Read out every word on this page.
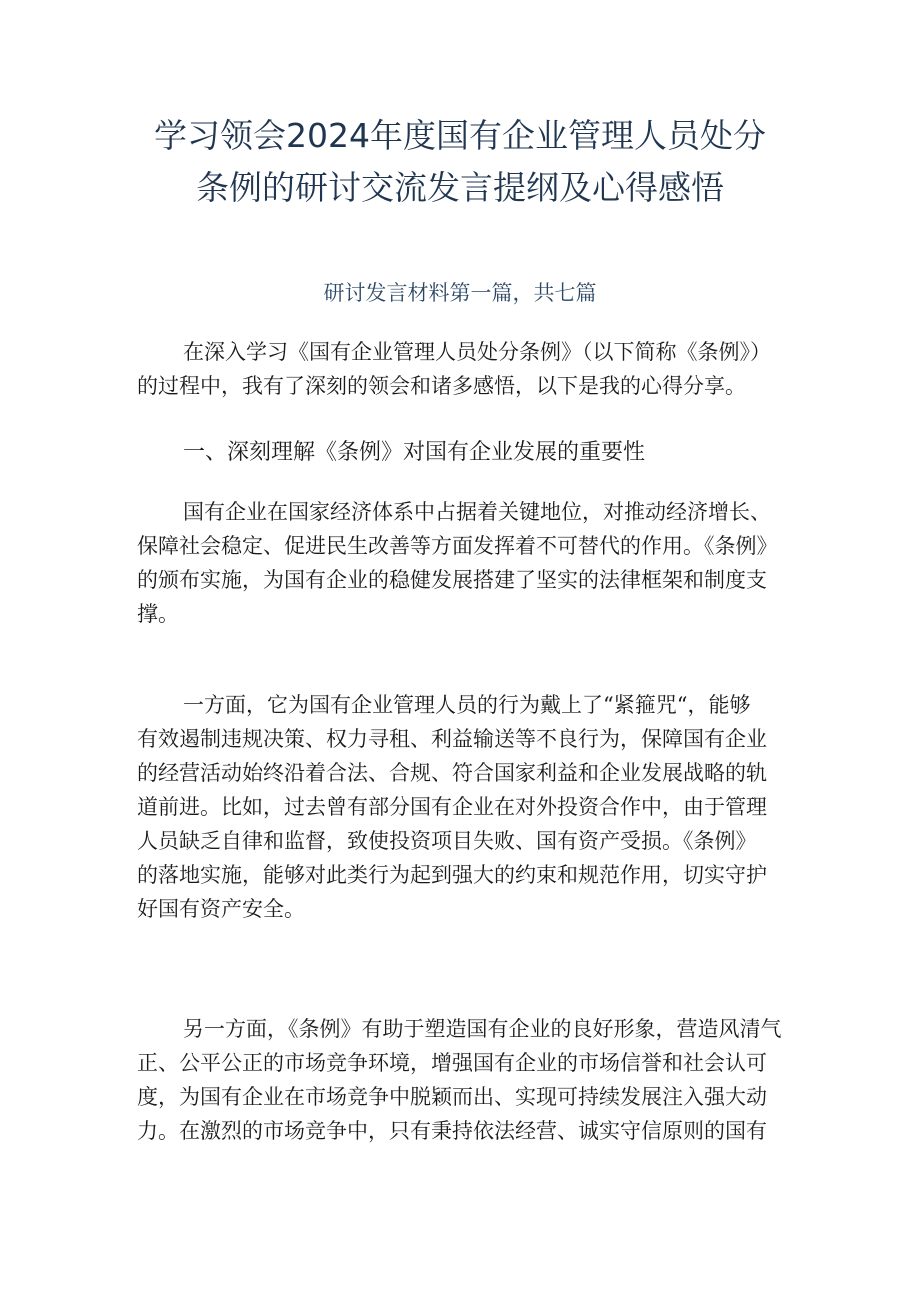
学习领会2024年度国有企业管理人员处分
条例的研讨交流发言提纲及心得感悟
研讨发言材料第一篇，共七篇
在深入学习《国有企业管理人员处分条例》（以下简称《条例》）
的过程中，我有了深刻的领会和诸多感悟，以下是我的心得分享。
一、深刻理解《条例》对国有企业发展的重要性
国有企业在国家经济体系中占据着关键地位，对推动经济增长、
保障社会稳定、促进民生改善等方面发挥着不可替代的作用。《条例》
的颁布实施，为国有企业的稳健发展搭建了坚实的法律框架和制度支
撑。
一方面，它为国有企业管理人员的行为戴上了“紧箍咒“，能够
有效遏制违规决策、权力寻租、利益输送等不良行为，保障国有企业
的经营活动始终沿着合法、合规、符合国家利益和企业发展战略的轨
道前进。比如，过去曾有部分国有企业在对外投资合作中，由于管理
人员缺乏自律和监督，致使投资项目失败、国有资产受损。《条例》
的落地实施，能够对此类行为起到强大的约束和规范作用，切实守护
好国有资产安全。
另一方面，《条例》有助于塑造国有企业的良好形象，营造风清气
正、公平公正的市场竞争环境，增强国有企业的市场信誉和社会认可
度，为国有企业在市场竞争中脱颖而出、实现可持续发展注入强大动
力。在激烈的市场竞争中，只有秉持依法经营、诚实守信原则的国有
